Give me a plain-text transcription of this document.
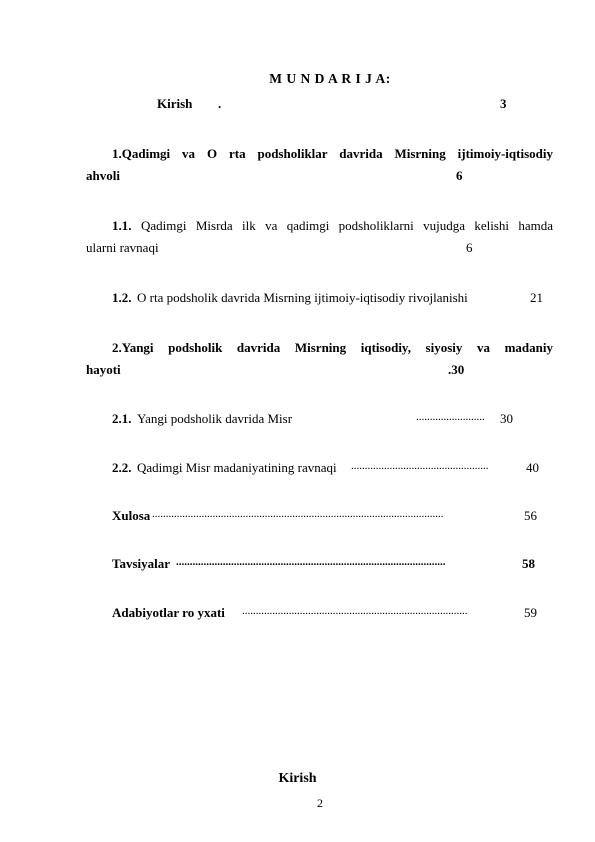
M U N D A R I J A:
Kirish .	3
1.Qadimgi va O rta podsholiklar davrida Misrning ijtimoiy-iqtisodiy
ahvoli	6
1.1. Qadimgi Misrda ilk va qadimgi podsholiklarni vujudga kelishi hamda
ularni ravnaqi	6
1.2. O rta podsholik davrida Misrning ijtimoiy-iqtisodiy rivojlanishi	21
2.Yangi podsholik davrida Misrning iqtisodiy, siyosiy va madaniy
hayoti	.30
2.1. Yangi podsholik davrida Misr	......................... 30
2.2. Qadimgi Misr madaniyatining ravnaqi ..................................................	40
Xulosa ..........................................................................................................	56
Tavsiyalar ..................................................................................................	58
Adabiyotlar ro yxati ..................................................................................	59
Kirish
2
